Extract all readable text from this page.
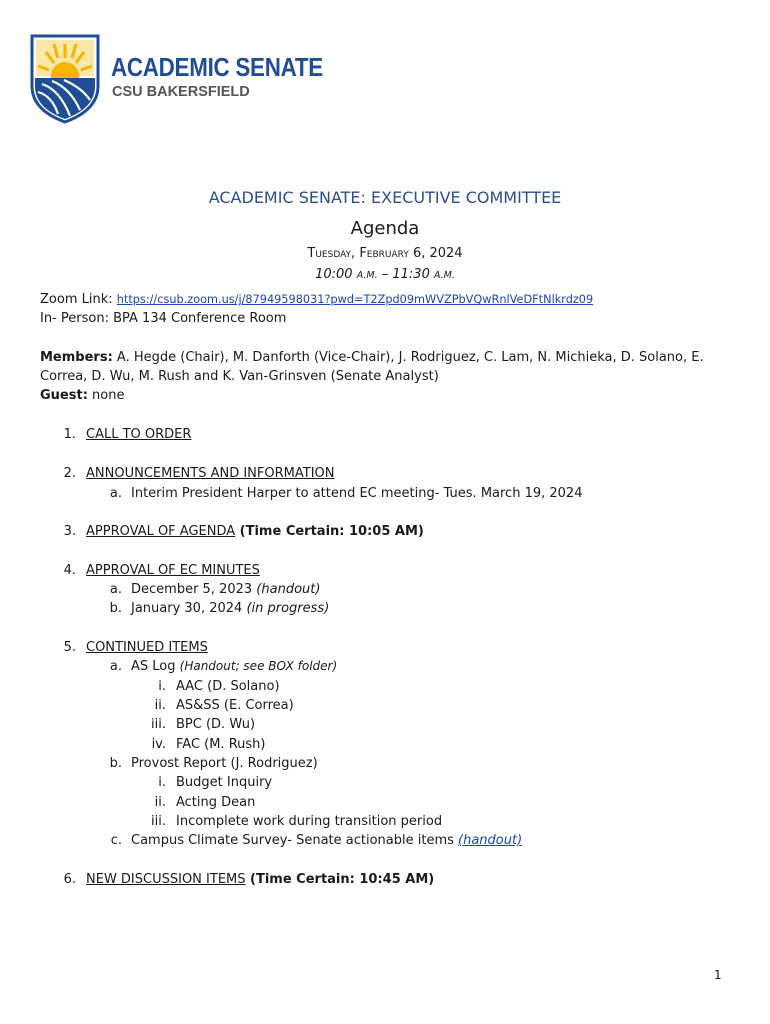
ACADEMIC SENATE
CSU BAKERSFIELD
ACADEMIC SENATE: EXECUTIVE COMMITTEE
Agenda
Tuesday, February 6, 2024
10:00 A.M. – 11:30 A.M.
Zoom Link: https://csub.zoom.us/j/87949598031?pwd=T2Zpd09mWVZPbVQwRnlVeDFtNlkrdz09
In- Person: BPA 134 Conference Room
Members: A. Hegde (Chair), M. Danforth (Vice-Chair), J. Rodriguez, C. Lam, N. Michieka, D. Solano, E.
Correa, D. Wu, M. Rush and K. Van-Grinsven (Senate Analyst)
Guest: none
1. CALL TO ORDER
2. ANNOUNCEMENTS AND INFORMATION
a. Interim President Harper to attend EC meeting- Tues. March 19, 2024
3. APPROVAL OF AGENDA (Time Certain: 10:05 AM)
4. APPROVAL OF EC MINUTES
a. December 5, 2023 (handout)
b. January 30, 2024 (in progress)
5. CONTINUED ITEMS
a. AS Log (Handout; see BOX folder)
i. AAC (D. Solano)
ii. AS&SS (E. Correa)
iii. BPC (D. Wu)
iv. FAC (M. Rush)
b. Provost Report (J. Rodriguez)
i. Budget Inquiry
ii. Acting Dean
iii. Incomplete work during transition period
c. Campus Climate Survey- Senate actionable items (handout)
6. NEW DISCUSSION ITEMS (Time Certain: 10:45 AM)
1
